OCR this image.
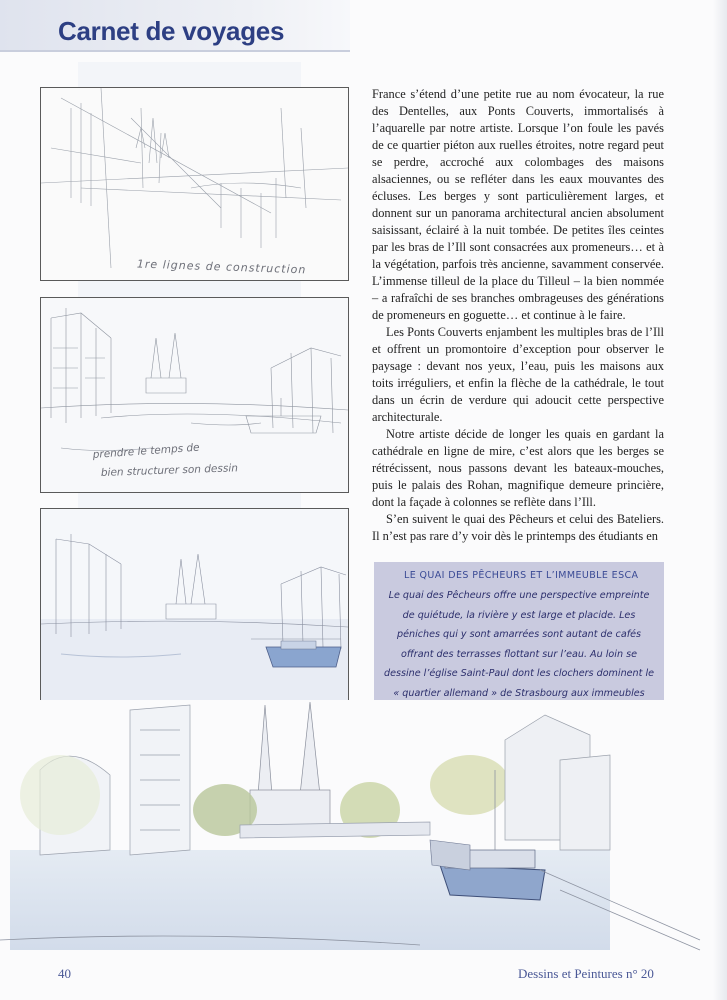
Carnet de voyages
1re lignes de construction
prendre le temps de
bien structurer son dessin

France s’étend d’une petite rue au nom évocateur, la rue des Dentelles, aux Ponts Couverts, immortalisés à l’aquarelle par notre artiste. Lorsque l’on foule les pavés de ce quartier piéton aux ruelles étroites, notre regard peut se perdre, accroché aux colombages des maisons alsaciennes, ou se refléter dans les eaux mouvantes des écluses. Les berges y sont particulièrement larges, et donnent sur un panorama architectural ancien absolument saisissant, éclairé à la nuit tombée. De petites îles ceintes par les bras de l’Ill sont consacrées aux promeneurs… et à la végétation, parfois très ancienne, savamment conservée. L’immense tilleul de la place du Tilleul – la bien nommée – a rafraîchi de ses branches ombrageuses des générations de promeneurs en goguette… et continue à le faire.

Les Ponts Couverts enjambent les multiples bras de l’Ill et offrent un promontoire d’exception pour observer le paysage : devant nos yeux, l’eau, puis les maisons aux toits irréguliers, et enfin la flèche de la cathédrale, le tout dans un écrin de verdure qui adoucit cette perspective architecturale.

Notre artiste décide de longer les quais en gardant la cathédrale en ligne de mire, c’est alors que les berges se rétrécissent, nous passons devant les bateaux-mouches, puis le palais des Rohan, magnifique demeure princière, dont la façade à colonnes se reflète dans l’Ill.

S’en suivent le quai des Pêcheurs et celui des Bateliers. Il n’est pas rare d’y voir dès le printemps des étudiants en

LE QUAI DES PÊCHEURS ET L’IMMEUBLE ESCA

Le quai des Pêcheurs offre une perspective empreinte de quiétude, la rivière y est large et placide. Les péniches qui y sont amarrées sont autant de cafés offrant des terrasses flottant sur l’eau. Au loin se dessine l’église Saint-Paul dont les clochers dominent le « quartier allemand » de Strasbourg aux immeubles

40	Dessins et Peintures n° 20
